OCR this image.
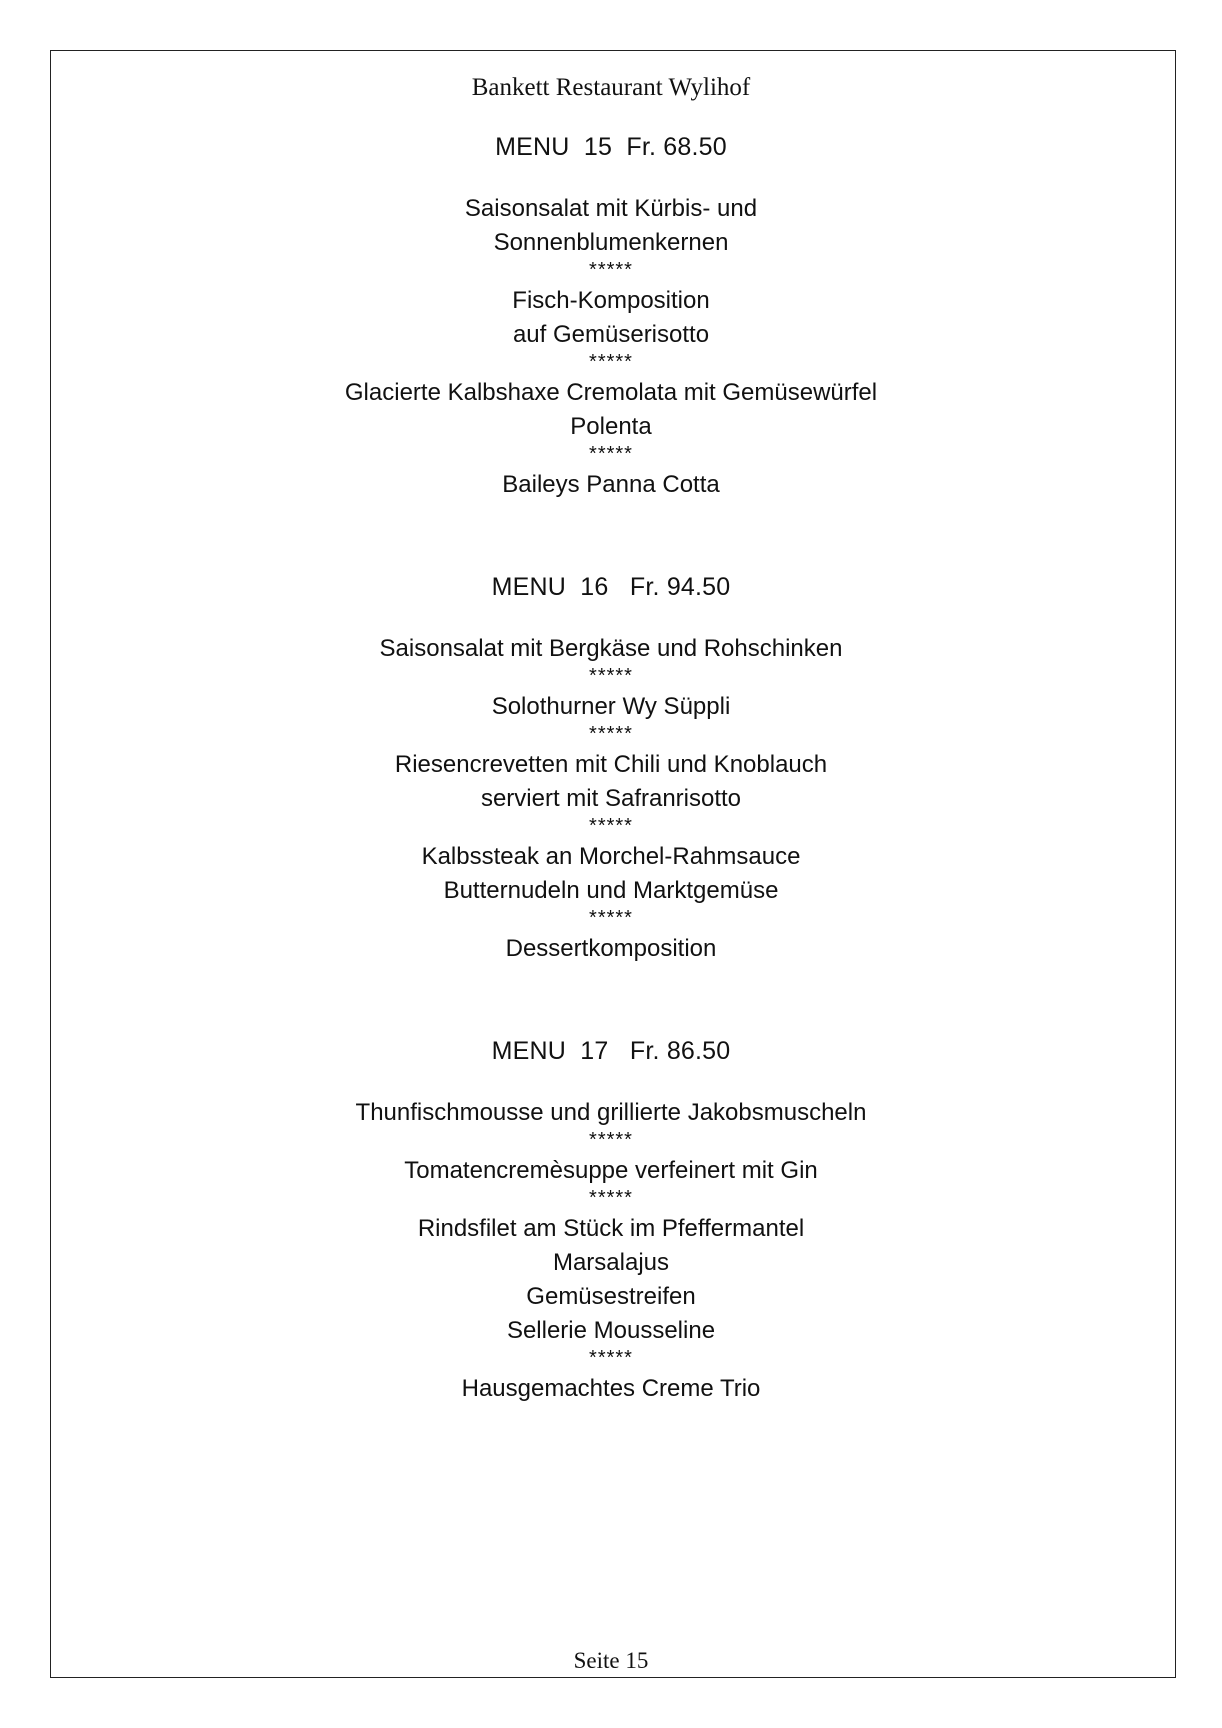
Bankett Restaurant Wylihof
MENU  15  Fr. 68.50

Saisonsalat mit Kürbis- und

Sonnenblumenkernen

*****

Fisch-Komposition

auf Gemüserisotto

*****

Glacierte Kalbshaxe Cremolata mit Gemüsewürfel

Polenta

*****

Baileys Panna Cotta

MENU  16   Fr. 94.50

Saisonsalat mit Bergkäse und Rohschinken

*****

Solothurner Wy Süppli

*****

Riesencrevetten mit Chili und Knoblauch

serviert mit Safranrisotto

*****

Kalbssteak an Morchel-Rahmsauce

Butternudeln und Marktgemüse

*****

Dessertkomposition

MENU  17   Fr. 86.50

Thunfischmousse und grillierte Jakobsmuscheln

*****

Tomatencremèsuppe verfeinert mit Gin

*****

Rindsfilet am Stück im Pfeffermantel

Marsalajus

Gemüsestreifen

Sellerie Mousseline

*****

Hausgemachtes Creme Trio

Seite 15
